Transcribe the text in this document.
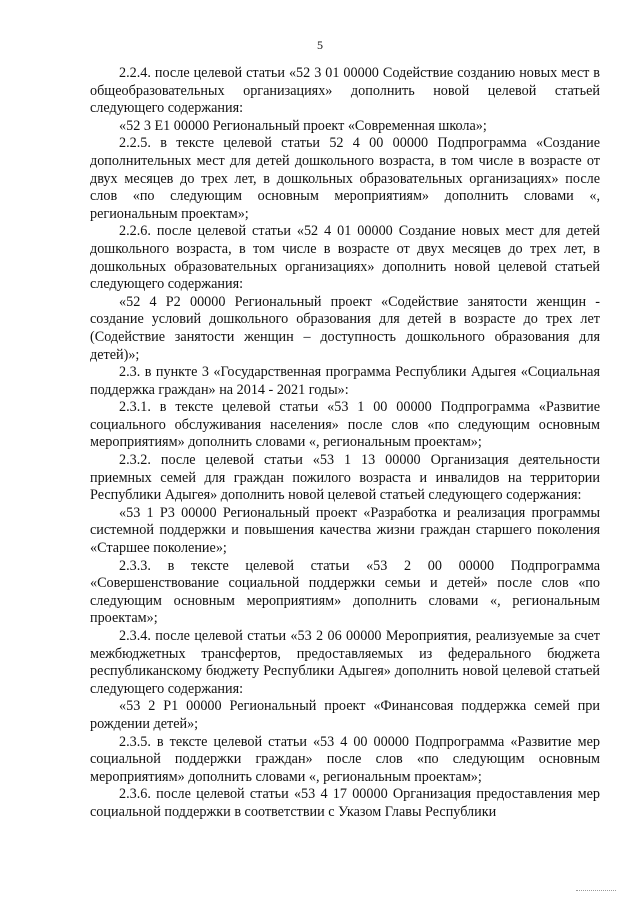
5

2.2.4. после целевой статьи «52 3 01 00000 Содействие созданию новых мест в общеобразовательных организациях» дополнить новой целевой статьей следующего содержания:

«52 3 E1 00000 Региональный проект «Современная школа»;

2.2.5. в тексте целевой статьи 52 4 00 00000 Подпрограмма «Создание дополнительных мест для детей дошкольного возраста, в том числе в возрасте от двух месяцев до трех лет, в дошкольных образовательных организациях» после слов «по следующим основным мероприятиям» дополнить словами «, региональным проектам»;

2.2.6. после целевой статьи «52 4 01 00000 Создание новых мест для детей дошкольного возраста, в том числе в возрасте от двух месяцев до трех лет, в дошкольных образовательных организациях» дополнить новой целевой статьей следующего содержания:

«52 4 P2 00000 Региональный проект «Содействие занятости женщин - создание условий дошкольного образования для детей в возрасте до трех лет (Содействие занятости женщин – доступность дошкольного образования для детей)»;

2.3. в пункте 3 «Государственная программа Республики Адыгея «Социальная поддержка граждан» на 2014 - 2021 годы»:

2.3.1. в тексте целевой статьи «53 1 00 00000 Подпрограмма «Развитие социального обслуживания населения» после слов «по следующим основным мероприятиям» дополнить словами «, региональным проектам»;

2.3.2. после целевой статьи «53 1 13 00000 Организация деятельности приемных семей для граждан пожилого возраста и инвалидов на территории Республики Адыгея» дополнить новой целевой статьей следующего содержания:

«53 1 P3 00000 Региональный проект «Разработка и реализация программы системной поддержки и повышения качества жизни граждан старшего поколения «Старшее поколение»;

2.3.3. в тексте целевой статьи «53 2 00 00000 Подпрограмма «Совершенствование социальной поддержки семьи и детей» после слов «по следующим основным мероприятиям» дополнить словами «, региональным проектам»;

2.3.4. после целевой статьи «53 2 06 00000 Мероприятия, реализуемые за счет межбюджетных трансфертов, предоставляемых из федерального бюджета республиканскому бюджету Республики Адыгея» дополнить новой целевой статьей следующего содержания:

«53 2 P1 00000 Региональный проект «Финансовая поддержка семей при рождении детей»;

2.3.5. в тексте целевой статьи «53 4 00 00000 Подпрограмма «Развитие мер социальной поддержки граждан» после слов «по следующим основным мероприятиям» дополнить словами «, региональным проектам»;

2.3.6. после целевой статьи «53 4 17 00000 Организация предоставления мер социальной поддержки в соответствии с Указом Главы Республики
